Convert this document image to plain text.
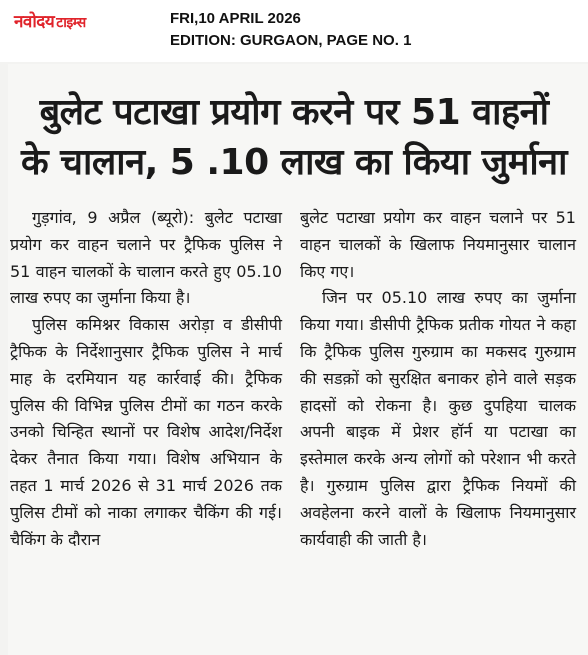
नवोदय टाइम्स	FRI,10 APRIL 2026
EDITION: GURGAON, PAGE NO. 1
बुलेट पटाखा प्रयोग करने पर 51 वाहनों
के चालान, 5 .10 लाख का किया जुर्माना

गुड़गांव, 9 अप्रैल (ब्यूरो): बुलेट पटाखा प्रयोग कर वाहन चलाने पर ट्रैफिक पुलिस ने 51 वाहन चालकों के चालान करते हुए 05.10 लाख रुपए का जुर्माना किया है।

पुलिस कमिश्नर विकास अरोड़ा व डीसीपी ट्रैफिक के निर्देशानुसार ट्रैफिक पुलिस ने मार्च माह के दरमियान यह कार्रवाई की। ट्रैफिक पुलिस की विभिन्न पुलिस टीमों का गठन करके उनको चिन्हित स्थानों पर विशेष आदेश/निर्देश देकर तैनात किया गया। विशेष अभियान के तहत 1 मार्च 2026 से 31 मार्च 2026 तक पुलिस टीमों को नाका लगाकर चैकिंग की गई। चैकिंग के दौरान

बुलेट पटाखा प्रयोग कर वाहन चलाने पर 51 वाहन चालकों के खिलाफ नियमानुसार चालान किए गए।

जिन पर 05.10 लाख रुपए का जुर्माना किया गया। डीसीपी ट्रैफिक प्रतीक गोयत ने कहा कि ट्रैफिक पुलिस गुरुग्राम का मकसद गुरुग्राम की सडक़ों को सुरक्षित बनाकर होने वाले सड़क हादसों को रोकना है। कुछ दुपहिया चालक अपनी बाइक में प्रेशर हॉर्न या पटाखा का इस्तेमाल करके अन्य लोगों को परेशान भी करते है। गुरुग्राम पुलिस द्वारा ट्रैफिक नियमों की अवहेलना करने वालों के खिलाफ नियमानुसार कार्यवाही की जाती है।
